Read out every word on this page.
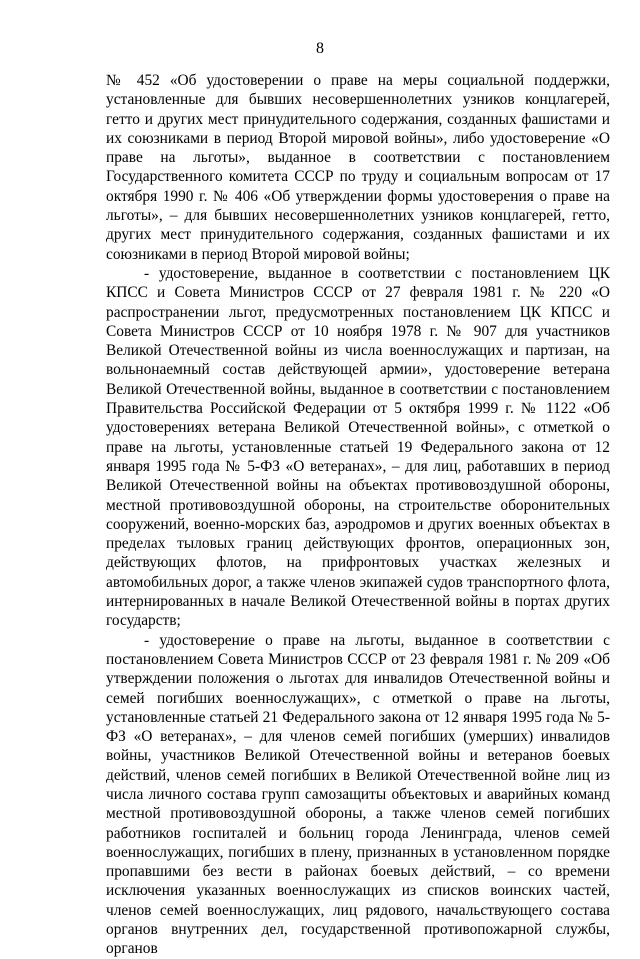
8

№ 452 «Об удостоверении о праве на меры социальной поддержки, установленные для бывших несовершеннолетних узников концлагерей, гетто и других мест принудительного содержания, созданных фашистами и их союзниками в период Второй мировой войны», либо удостоверение «О праве на льготы», выданное в соответствии с постановлением Государственного комитета СССР по труду и социальным вопросам от 17 октября 1990 г. № 406 «Об утверждении формы удостоверения о праве на льготы», – для бывших несовершеннолетних узников концлагерей, гетто, других мест принудительного содержания, созданных фашистами и их союзниками в период Второй мировой войны;

- удостоверение, выданное в соответствии с постановлением ЦК КПСС и Совета Министров СССР от 27 февраля 1981 г. № 220 «О распространении льгот, предусмотренных постановлением ЦК КПСС и Совета Министров СССР от 10 ноября 1978 г. № 907 для участников Великой Отечественной войны из числа военнослужащих и партизан, на вольнонаемный состав действующей армии», удостоверение ветерана Великой Отечественной войны, выданное в соответствии с постановлением Правительства Российской Федерации от 5 октября 1999 г. № 1122 «Об удостоверениях ветерана Великой Отечественной войны», с отметкой о праве на льготы, установленные статьей 19 Федерального закона от 12 января 1995 года № 5-ФЗ «О ветеранах», – для лиц, работавших в период Великой Отечественной войны на объектах противовоздушной обороны, местной противовоздушной обороны, на строительстве оборонительных сооружений, военно-морских баз, аэродромов и других военных объектах в пределах тыловых границ действующих фронтов, операционных зон, действующих флотов, на прифронтовых участках железных и автомобильных дорог, а также членов экипажей судов транспортного флота, интернированных в начале Великой Отечественной войны в портах других государств;

- удостоверение о праве на льготы, выданное в соответствии с постановлением Совета Министров СССР от 23 февраля 1981 г. № 209 «Об утверждении положения о льготах для инвалидов Отечественной войны и семей погибших военнослужащих», с отметкой о праве на льготы, установленные статьей 21 Федерального закона от 12 января 1995 года № 5-ФЗ «О ветеранах», – для членов семей погибших (умерших) инвалидов войны, участников Великой Отечественной войны и ветеранов боевых действий, членов семей погибших в Великой Отечественной войне лиц из числа личного состава групп самозащиты объектовых и аварийных команд местной противовоздушной обороны, а также членов семей погибших работников госпиталей и больниц города Ленинграда, членов семей военнослужащих, погибших в плену, признанных в установленном порядке пропавшими без вести в районах боевых действий, – со времени исключения указанных военнослужащих из списков воинских частей, членов семей военнослужащих, лиц рядового, начальствующего состава органов внутренних дел, государственной противопожарной службы, органов
